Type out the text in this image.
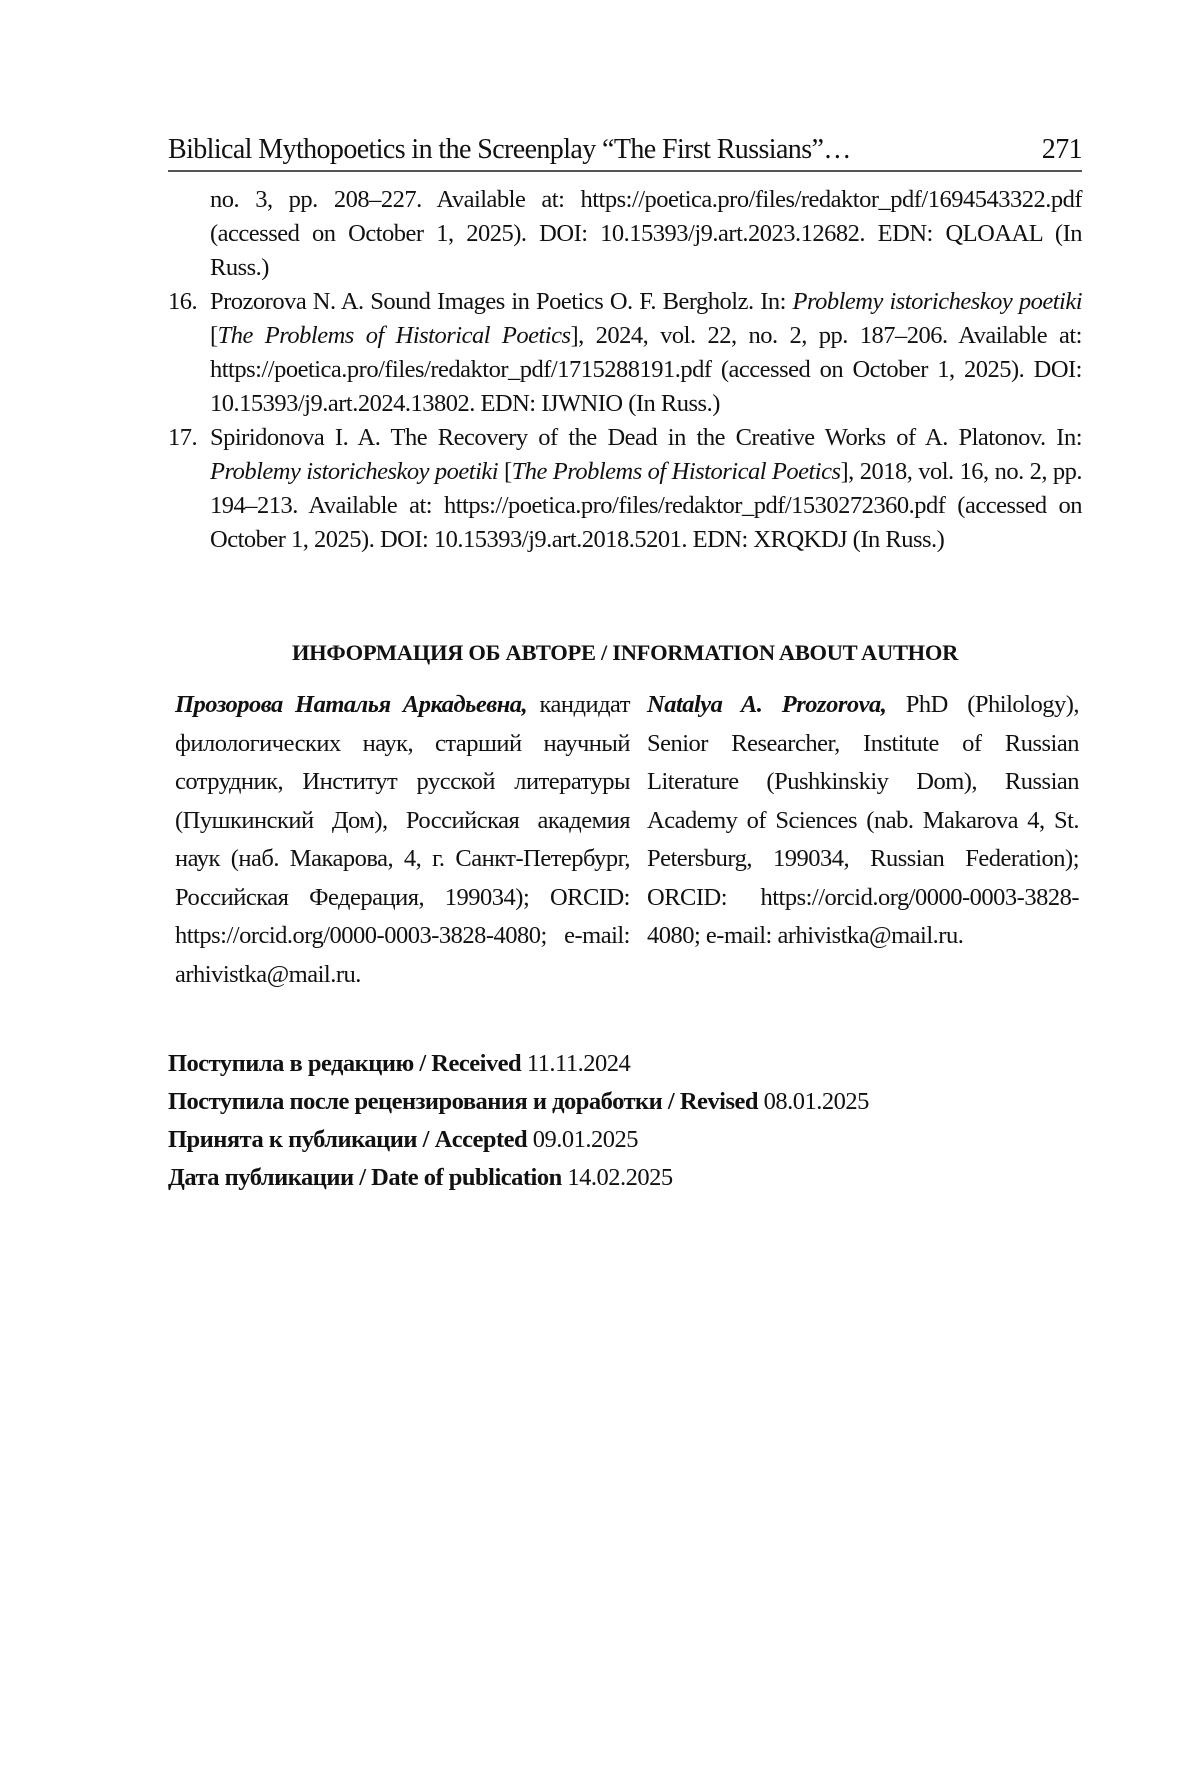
Biblical Mythopoetics in the Screenplay “The First Russians”…	271
no. 3, pp. 208–227. Available at: https://poetica.pro/files/redaktor_pdf/1694543322.pdf (accessed on October 1, 2025). DOI: 10.15393/j9.art.2023.12682. EDN: QLOAAL (In Russ.)
16. Prozorova N. A. Sound Images in Poetics O. F. Bergholz. In: Problemy istoricheskoy poetiki [The Problems of Historical Poetics], 2024, vol. 22, no. 2, pp. 187–206. Available at: https://poetica.pro/files/redaktor_pdf/1715288191.pdf (accessed on October 1, 2025). DOI: 10.15393/j9.art.2024.13802. EDN: IJWNIO (In Russ.)
17. Spiridonova I. A. The Recovery of the Dead in the Creative Works of A. Platonov. In: Problemy istoricheskoy poetiki [The Problems of Historical Poetics], 2018, vol. 16, no. 2, pp. 194–213. Available at: https://poetica.pro/files/redaktor_pdf/1530272360.pdf (accessed on October 1, 2025). DOI: 10.15393/j9.art.2018.5201. EDN: XRQKDJ (In Russ.)
ИНФОРМАЦИЯ ОБ АВТОРЕ / INFORMATION ABOUT AUTHOR
Прозорова Наталья Аркадьевна, кандидат филологических наук, старший научный сотрудник, Институт русской литературы (Пушкинский Дом), Российская академия наук (наб. Макарова, 4, г. Санкт-Петербург, Российская Федерация, 199034); ORCID: https://orcid.org/0000-0003-3828-4080; e-mail: arhivistka@mail.ru.
Natalya A. Prozorova, PhD (Philology), Senior Researcher, Institute of Russian Literature (Pushkinskiy Dom), Russian Academy of Sciences (nab. Makarova 4, St. Petersburg, 199034, Russian Federation); ORCID: https://orcid.org/0000-0003-3828-4080; e-mail: arhivistka@mail.ru.
Поступила в редакцию / Received 11.11.2024
Поступила после рецензирования и доработки / Revised 08.01.2025
Принята к публикации / Accepted 09.01.2025
Дата публикации / Date of publication 14.02.2025
